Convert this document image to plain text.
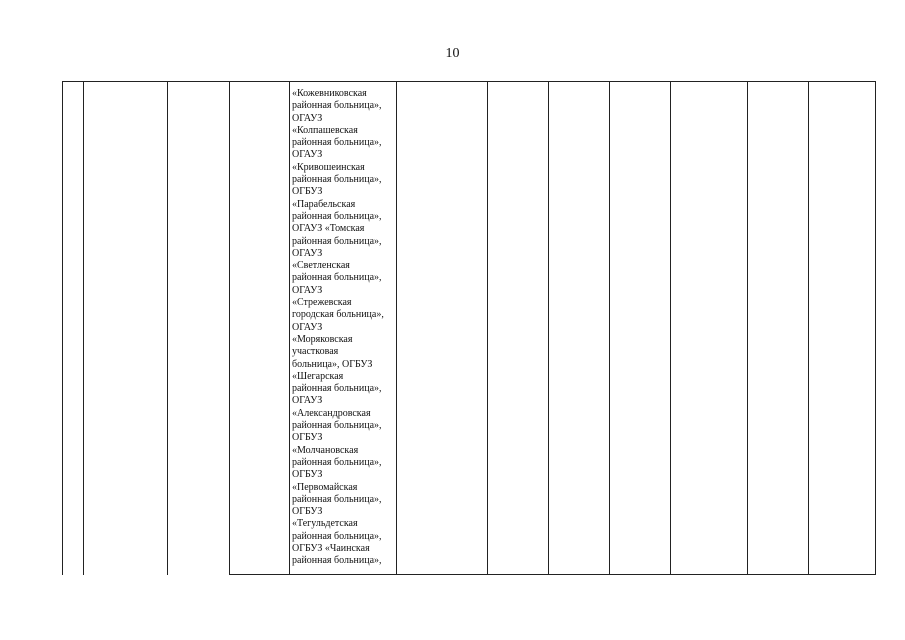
10
«Кожевниковская
районная больница»,
ОГАУЗ
«Колпашевская
районная больница»,
ОГАУЗ
«Кривошеинская
районная больница»,
ОГБУЗ
«Парабельская
районная больница»,
ОГАУЗ «Томская
районная больница»,
ОГАУЗ
«Светленская
районная больница»,
ОГАУЗ
«Стрежевская
городская больница»,
ОГАУЗ
«Моряковская
участковая
больница», ОГБУЗ
«Шегарская
районная больница»,
ОГАУЗ
«Александровская
районная больница»,
ОГБУЗ
«Молчановская
районная больница»,
ОГБУЗ
«Первомайская
районная больница»,
ОГБУЗ
«Тегульдетская
районная больница»,
ОГБУЗ «Чаинская
районная больница»,
